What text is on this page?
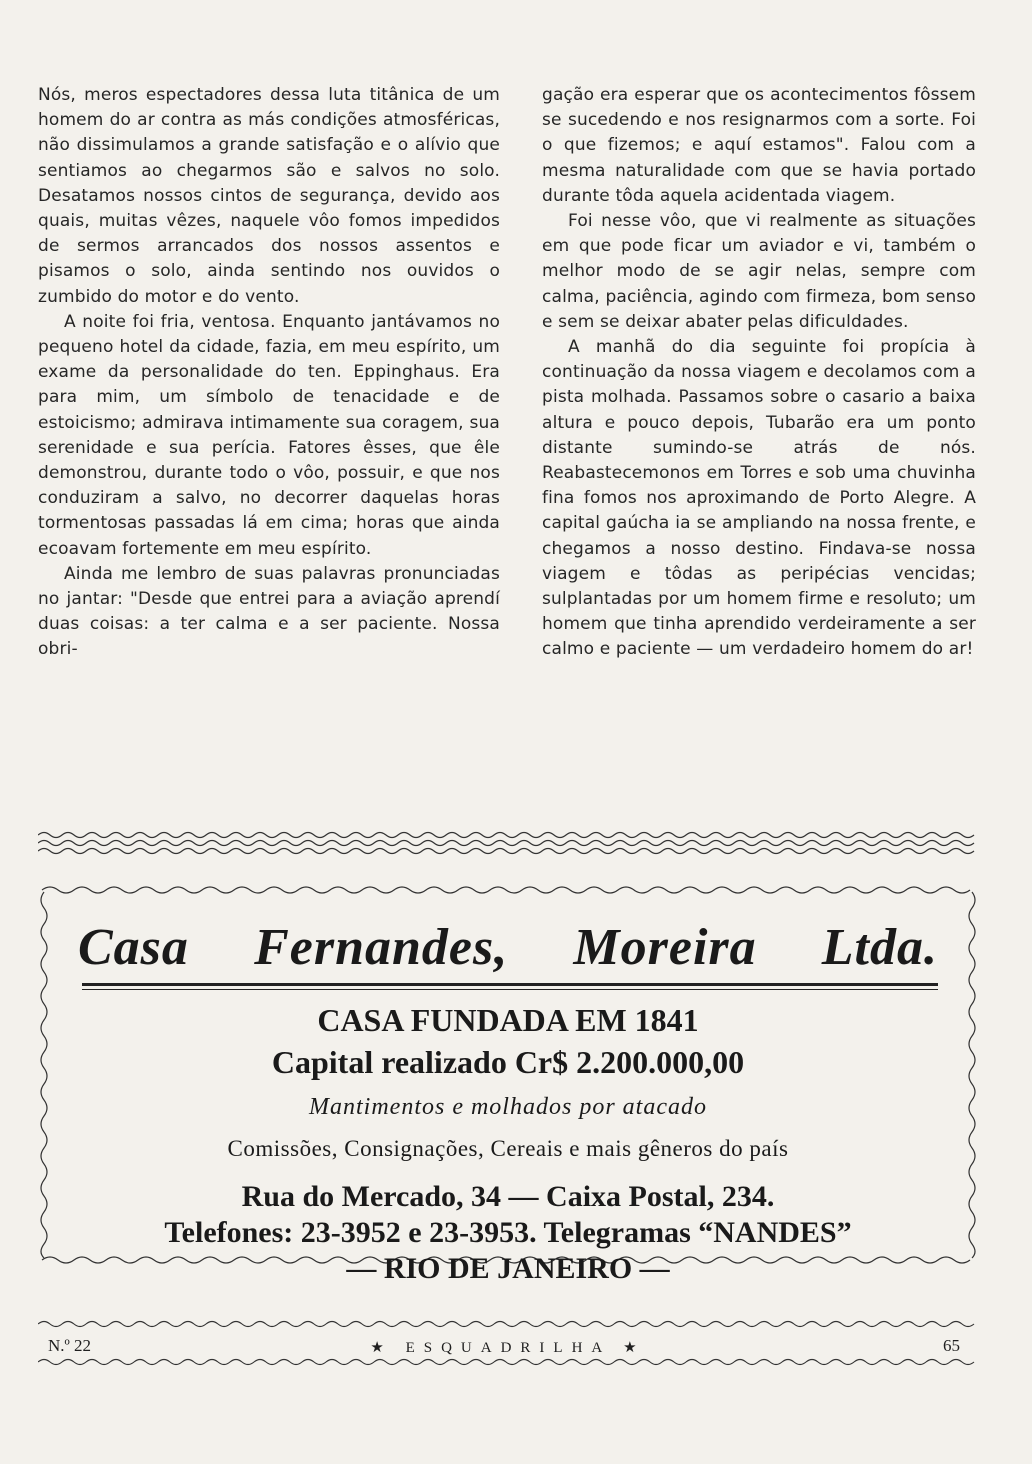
Nós, meros espectadores dessa luta titânica de um homem do ar contra as más condições atmosféricas, não dissimulamos a grande satisfação e o alívio que sentiamos ao chegarmos são e salvos no solo. Desatamos nossos cintos de segurança, devido aos quais, muitas vêzes, naquele vôo fomos impedidos de sermos arrancados dos nossos assentos e pisamos o solo, ainda sentindo nos ouvidos o zumbido do motor e do vento.

A noite foi fria, ventosa. Enquanto jantávamos no pequeno hotel da cidade, fazia, em meu espírito, um exame da personalidade do ten. Eppinghaus. Era para mim, um símbolo de tenacidade e de estoicismo; admirava intimamente sua coragem, sua serenidade e sua perícia. Fatores êsses, que êle demonstrou, durante todo o vôo, possuir, e que nos conduziram a salvo, no decorrer daquelas horas tormentosas passadas lá em cima; horas que ainda ecoavam fortemente em meu espírito.

Ainda me lembro de suas palavras pronunciadas no jantar: "Desde que entrei para a aviação aprendí duas coisas: a ter calma e a ser paciente. Nossa obri-

gação era esperar que os acontecimentos fôssem se sucedendo e nos resignarmos com a sorte. Foi o que fizemos; e aquí estamos". Falou com a mesma naturalidade com que se havia portado durante tôda aquela acidentada viagem.

Foi nesse vôo, que vi realmente as situações em que pode ficar um aviador e vi, também o melhor modo de se agir nelas, sempre com calma, paciência, agindo com firmeza, bom senso e sem se deixar abater pelas dificuldades.

A manhã do dia seguinte foi propícia à continuação da nossa viagem e decolamos com a pista molhada. Passamos sobre o casario a baixa altura e pouco depois, Tubarão era um ponto distante sumindo-se atrás de nós. Reabastecemonos em Torres e sob uma chuvinha fina fomos nos aproximando de Porto Alegre. A capital gaúcha ia se ampliando na nossa frente, e chegamos a nosso destino. Findava-se nossa viagem e tôdas as peripécias vencidas; sulplantadas por um homem firme e resoluto; um homem que tinha aprendido verdeiramente a ser calmo e paciente — um verdadeiro homem do ar!

Casa Fernandes, Moreira Ltda.
CASA FUNDADA EM 1841
Capital realizado Cr$ 2.200.000,00
Mantimentos e molhados por atacado
Comissões, Consignações, Cereais e mais gêneros do país
Rua do Mercado, 34 — Caixa Postal, 234.
Telefones: 23-3952 e 23-3953. Telegramas “NANDES”
— RIO DE JANEIRO —
N.º 22	★ ESQUADRILHA ★	65
